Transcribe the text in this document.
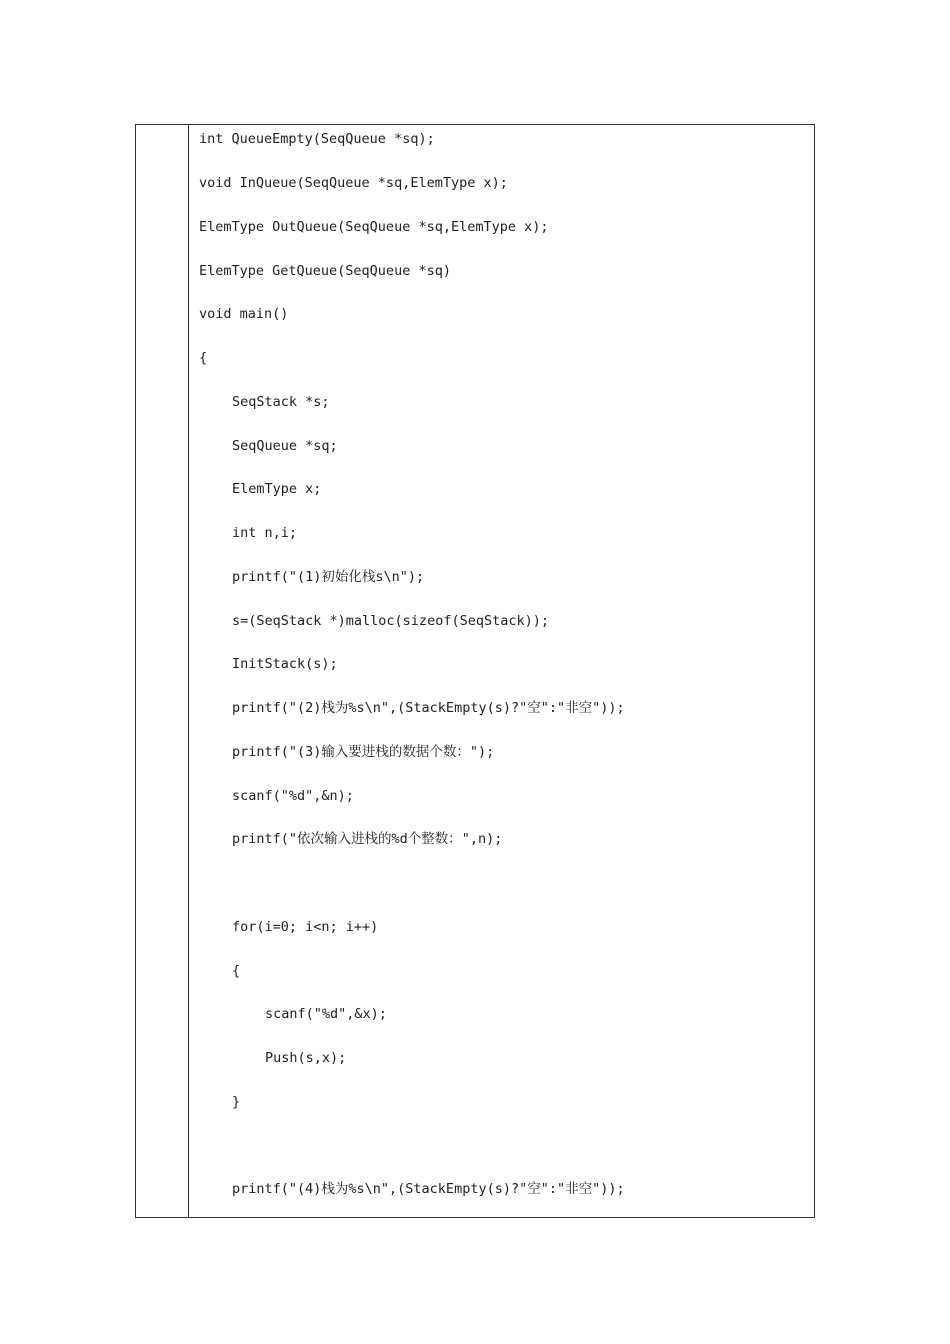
int QueueEmpty(SeqQueue *sq);
void InQueue(SeqQueue *sq,ElemType x);
ElemType OutQueue(SeqQueue *sq,ElemType x);
ElemType GetQueue(SeqQueue *sq)
void main()
{
SeqStack *s;
SeqQueue *sq;
ElemType x;
int n,i;
printf("(1)初始化栈s\n");
s=(SeqStack *)malloc(sizeof(SeqStack));
InitStack(s);
printf("(2)栈为%s\n",(StackEmpty(s)?"空":"非空"));
printf("(3)输入要进栈的数据个数：");
scanf("%d",&n);
printf("依次输入进栈的%d个整数：",n);
for(i=0; i<n; i++)
{
scanf("%d",&x);
Push(s,x);
}
printf("(4)栈为%s\n",(StackEmpty(s)?"空":"非空"));
